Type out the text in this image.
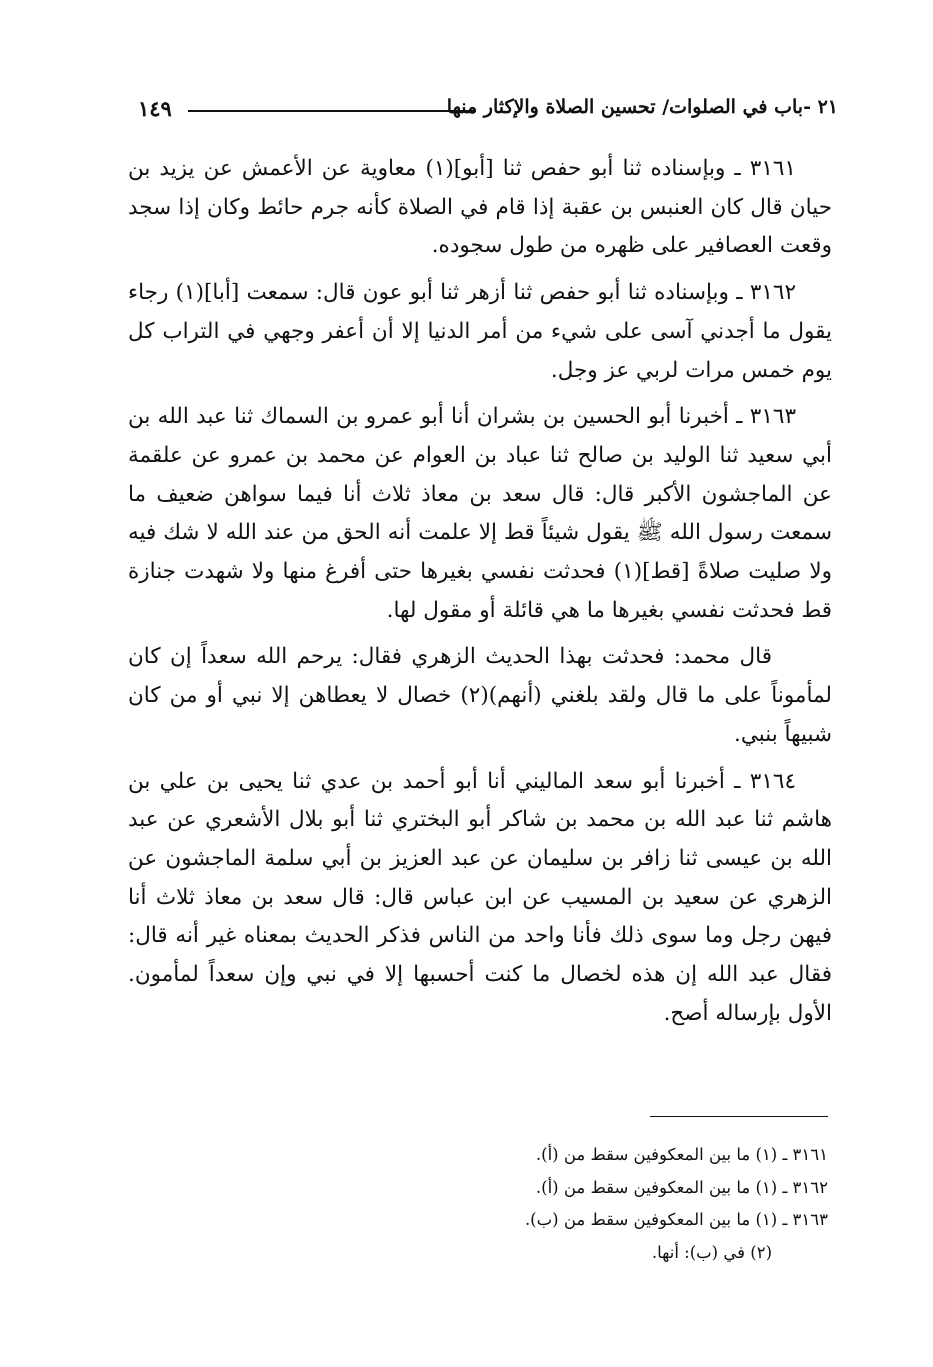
٢١ -باب في الصلوات/ تحسين الصلاة والإكثار منها
١٤٩

٣١٦١ ـ وبإسناده ثنا أبو حفص ثنا [أبو](١) معاوية عن الأعمش عن يزيد بن حيان قال كان العنبس بن عقبة إذا قام في الصلاة كأنه جرم حائط وكان إذا سجد وقعت العصافير على ظهره من طول سجوده.

٣١٦٢ ـ وبإسناده ثنا أبو حفص ثنا أزهر ثنا أبو عون قال: سمعت [أبا](١) رجاء يقول ما أجدني آسى على شيء من أمر الدنيا إلا أن أعفر وجهي في التراب كل يوم خمس مرات لربي عز وجل.

٣١٦٣ ـ أخبرنا أبو الحسين بن بشران أنا أبو عمرو بن السماك ثنا عبد الله بن أبي سعيد ثنا الوليد بن صالح ثنا عباد بن العوام عن محمد بن عمرو عن علقمة عن الماجشون الأكبر قال: قال سعد بن معاذ ثلاث أنا فيما سواهن ضعيف ما سمعت رسول الله ﷺ يقول شيئاً قط إلا علمت أنه الحق من عند الله لا شك فيه ولا صليت صلاةً [قط](١) فحدثت نفسي بغيرها حتى أفرغ منها ولا شهدت جنازة قط فحدثت نفسي بغيرها ما هي قائلة أو مقول لها.

قال محمد: فحدثت بهذا الحديث الزهري فقال: يرحم الله سعداً إن كان لمأموناً على ما قال ولقد بلغني (أنهم)(٢) خصال لا يعطاهن إلا نبي أو من كان شبيهاً بنبي.

٣١٦٤ ـ أخبرنا أبو سعد الماليني أنا أبو أحمد بن عدي ثنا يحيى بن علي بن هاشم ثنا عبد الله بن محمد بن شاكر أبو البختري ثنا أبو بلال الأشعري عن عبد الله بن عيسى ثنا زافر بن سليمان عن عبد العزيز بن أبي سلمة الماجشون عن الزهري عن سعيد بن المسيب عن ابن عباس قال: قال سعد بن معاذ ثلاث أنا فيهن رجل وما سوى ذلك فأنا واحد من الناس فذكر الحديث بمعناه غير أنه قال: فقال عبد الله إن هذه لخصال ما كنت أحسبها إلا في نبي وإن سعداً لمأمون. الأول بإرساله أصح.

٣١٦١ ـ (١) ما بين المعكوفين سقط من (أ).

٣١٦٢ ـ (١) ما بين المعكوفين سقط من (أ).

٣١٦٣ ـ (١) ما بين المعكوفين سقط من (ب).

(٢) في (ب): أنها.
